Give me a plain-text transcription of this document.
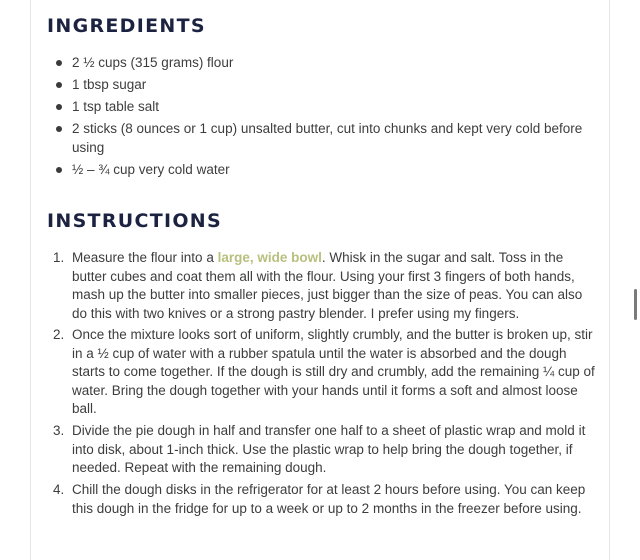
INGREDIENTS
2 ½ cups (315 grams) flour
1 tbsp sugar
1 tsp table salt
2 sticks (8 ounces or 1 cup) unsalted butter, cut into chunks and kept very cold before using
½ – ¾ cup very cold water
INSTRUCTIONS
1. Measure the flour into a large, wide bowl. Whisk in the sugar and salt. Toss in the butter cubes and coat them all with the flour. Using your first 3 fingers of both hands, mash up the butter into smaller pieces, just bigger than the size of peas. You can also do this with two knives or a strong pastry blender. I prefer using my fingers.
2. Once the mixture looks sort of uniform, slightly crumbly, and the butter is broken up, stir in a ½ cup of water with a rubber spatula until the water is absorbed and the dough starts to come together. If the dough is still dry and crumbly, add the remaining ¼ cup of water. Bring the dough together with your hands until it forms a soft and almost loose ball.
3. Divide the pie dough in half and transfer one half to a sheet of plastic wrap and mold it into disk, about 1-inch thick. Use the plastic wrap to help bring the dough together, if needed. Repeat with the remaining dough.
4. Chill the dough disks in the refrigerator for at least 2 hours before using. You can keep this dough in the fridge for up to a week or up to 2 months in the freezer before using.
